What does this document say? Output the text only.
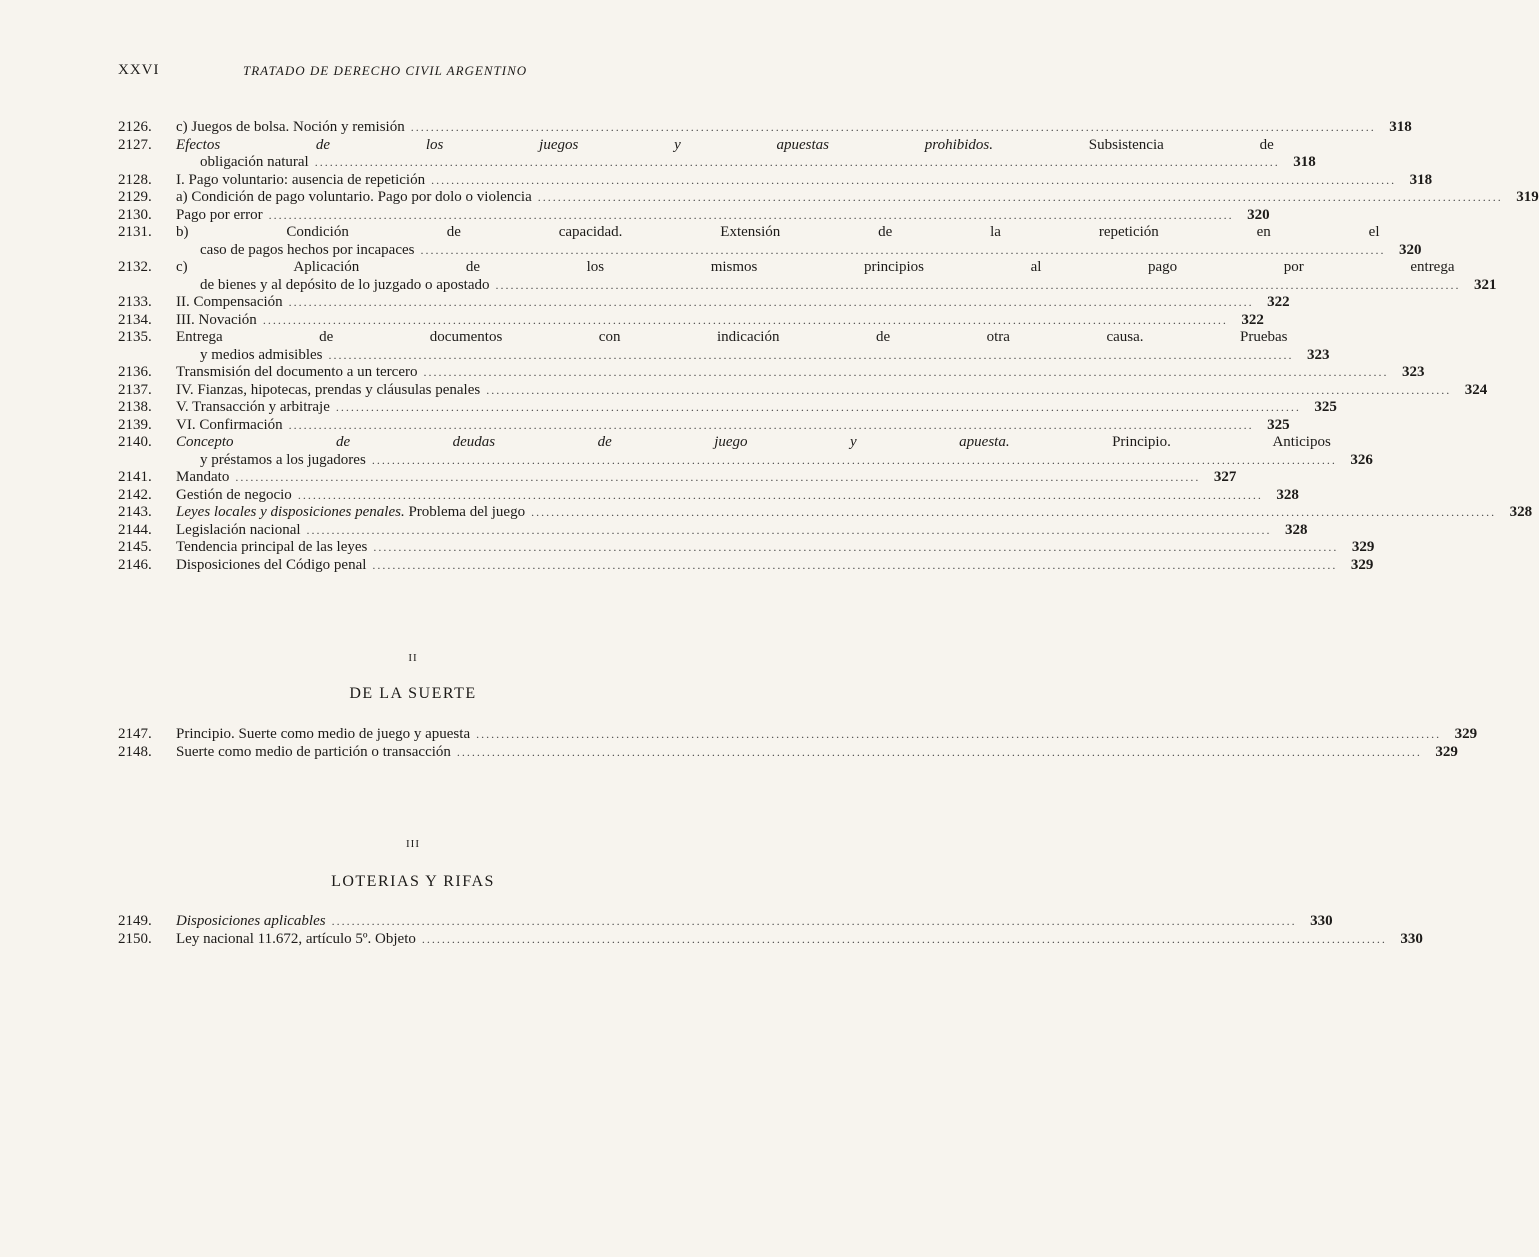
XXVI	TRATADO DE DERECHO CIVIL ARGENTINO
2126.	c) Juegos de bolsa. Noción y remisión .....	318
2127.	Efectos de los juegos y apuestas prohibidos. Subsistencia de
obligación natural .....	318
2128.	I. Pago voluntario: ausencia de repetición .....	318
2129.	a) Condición de pago voluntario. Pago por dolo o violencia .....	319
2130.	Pago por error .....	320
2131.	b) Condición de capacidad. Extensión de la repetición en el
caso de pagos hechos por incapaces .....	320
2132.	c) Aplicación de los mismos principios al pago por entrega
de bienes y al depósito de lo juzgado o apostado .....	321
2133.	II. Compensación .....	322
2134.	III. Novación .....	322
2135.	Entrega de documentos con indicación de otra causa. Pruebas
y medios admisibles .....	323
2136.	Transmisión del documento a un tercero .....	323
2137.	IV. Fianzas, hipotecas, prendas y cláusulas penales .....	324
2138.	V. Transacción y arbitraje .....	325
2139.	VI. Confirmación .....	325
2140.	Concepto de deudas de juego y apuesta. Principio. Anticipos
y préstamos a los jugadores .....	326
2141.	Mandato .....	327
2142.	Gestión de negocio .....	328
2143.	Leyes locales y disposiciones penales. Problema del juego .....	328
2144.	Legislación nacional .....	328
2145.	Tendencia principal de las leyes .....	329
2146.	Disposiciones del Código penal .....	329
II
DE LA SUERTE
2147.	Principio. Suerte como medio de juego y apuesta .....	329
2148.	Suerte como medio de partición o transacción .....	329
III
LOTERIAS Y RIFAS
2149.	Disposiciones aplicables .....	330
2150.	Ley nacional 11.672, artículo 5º. Objeto .....	330
